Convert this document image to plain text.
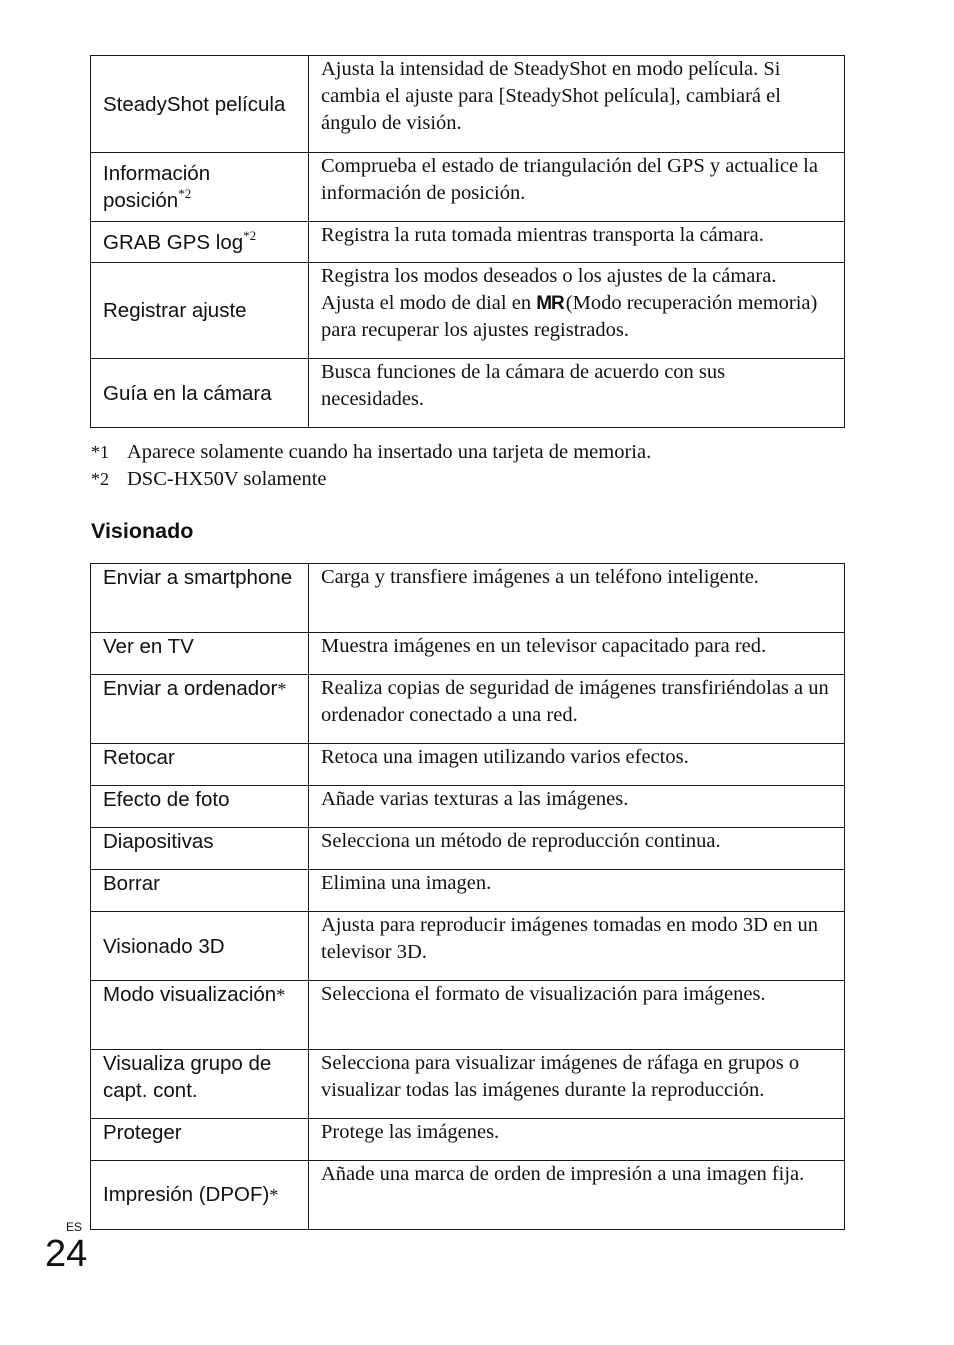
SteadyShot película	Ajusta la intensidad de SteadyShot en modo película. Si cambia el ajuste para [SteadyShot película], cambiará el ángulo de visión.
Información posición$^{*2}$	Comprueba el estado de triangulación del GPS y actualice la información de posición.
GRAB GPS log$^{*2}$	Registra la ruta tomada mientras transporta la cámara.
Registrar ajuste	Registra los modos deseados o los ajustes de la cámara. Ajusta el modo de dial en MR(Modo recuperación memoria) para recuperar los ajustes registrados.
Guía en la cámara	Busca funciones de la cámara de acuerdo con sus necesidades.
*1 Aparece solamente cuando ha insertado una tarjeta de memoria.
*2 DSC-HX50V solamente
Visionado
Enviar a smartphone	Carga y transfiere imágenes a un teléfono inteligente.
Ver en TV	Muestra imágenes en un televisor capacitado para red.
Enviar a ordenador*	Realiza copias de seguridad de imágenes transfiriéndolas a un ordenador conectado a una red.
Retocar	Retoca una imagen utilizando varios efectos.
Efecto de foto	Añade varias texturas a las imágenes.
Diapositivas	Selecciona un método de reproducción continua.
Borrar	Elimina una imagen.
Visionado 3D	Ajusta para reproducir imágenes tomadas en modo 3D en un televisor 3D.
Modo visualización*	Selecciona el formato de visualización para imágenes.
Visualiza grupo de capt. cont.	Selecciona para visualizar imágenes de ráfaga en grupos o visualizar todas las imágenes durante la reproducción.
Proteger	Protege las imágenes.
Impresión (DPOF)*	Añade una marca de orden de impresión a una imagen fija.
ES
24
